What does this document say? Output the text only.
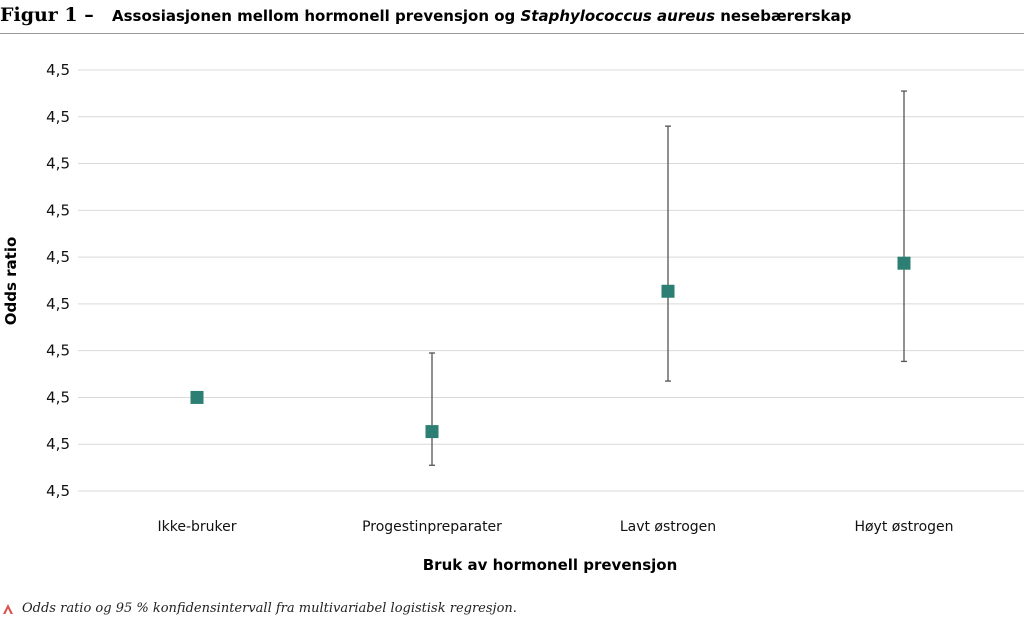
Figur 1 – Assosiasjonen mellom hormonell prevensjon og Staphylococcus aureus nesebærerskap
4,5
4,5
4,5
4,5
4,5
4,5
4,5
4,5
4,5
4,5
Ikke-bruker	Progestinpreparater	Lavt østrogen	Høyt østrogen
Odds ratio
Bruk av hormonell prevensjon
Odds ratio og 95 % konfidensintervall fra multivariabel logistisk regresjon.
